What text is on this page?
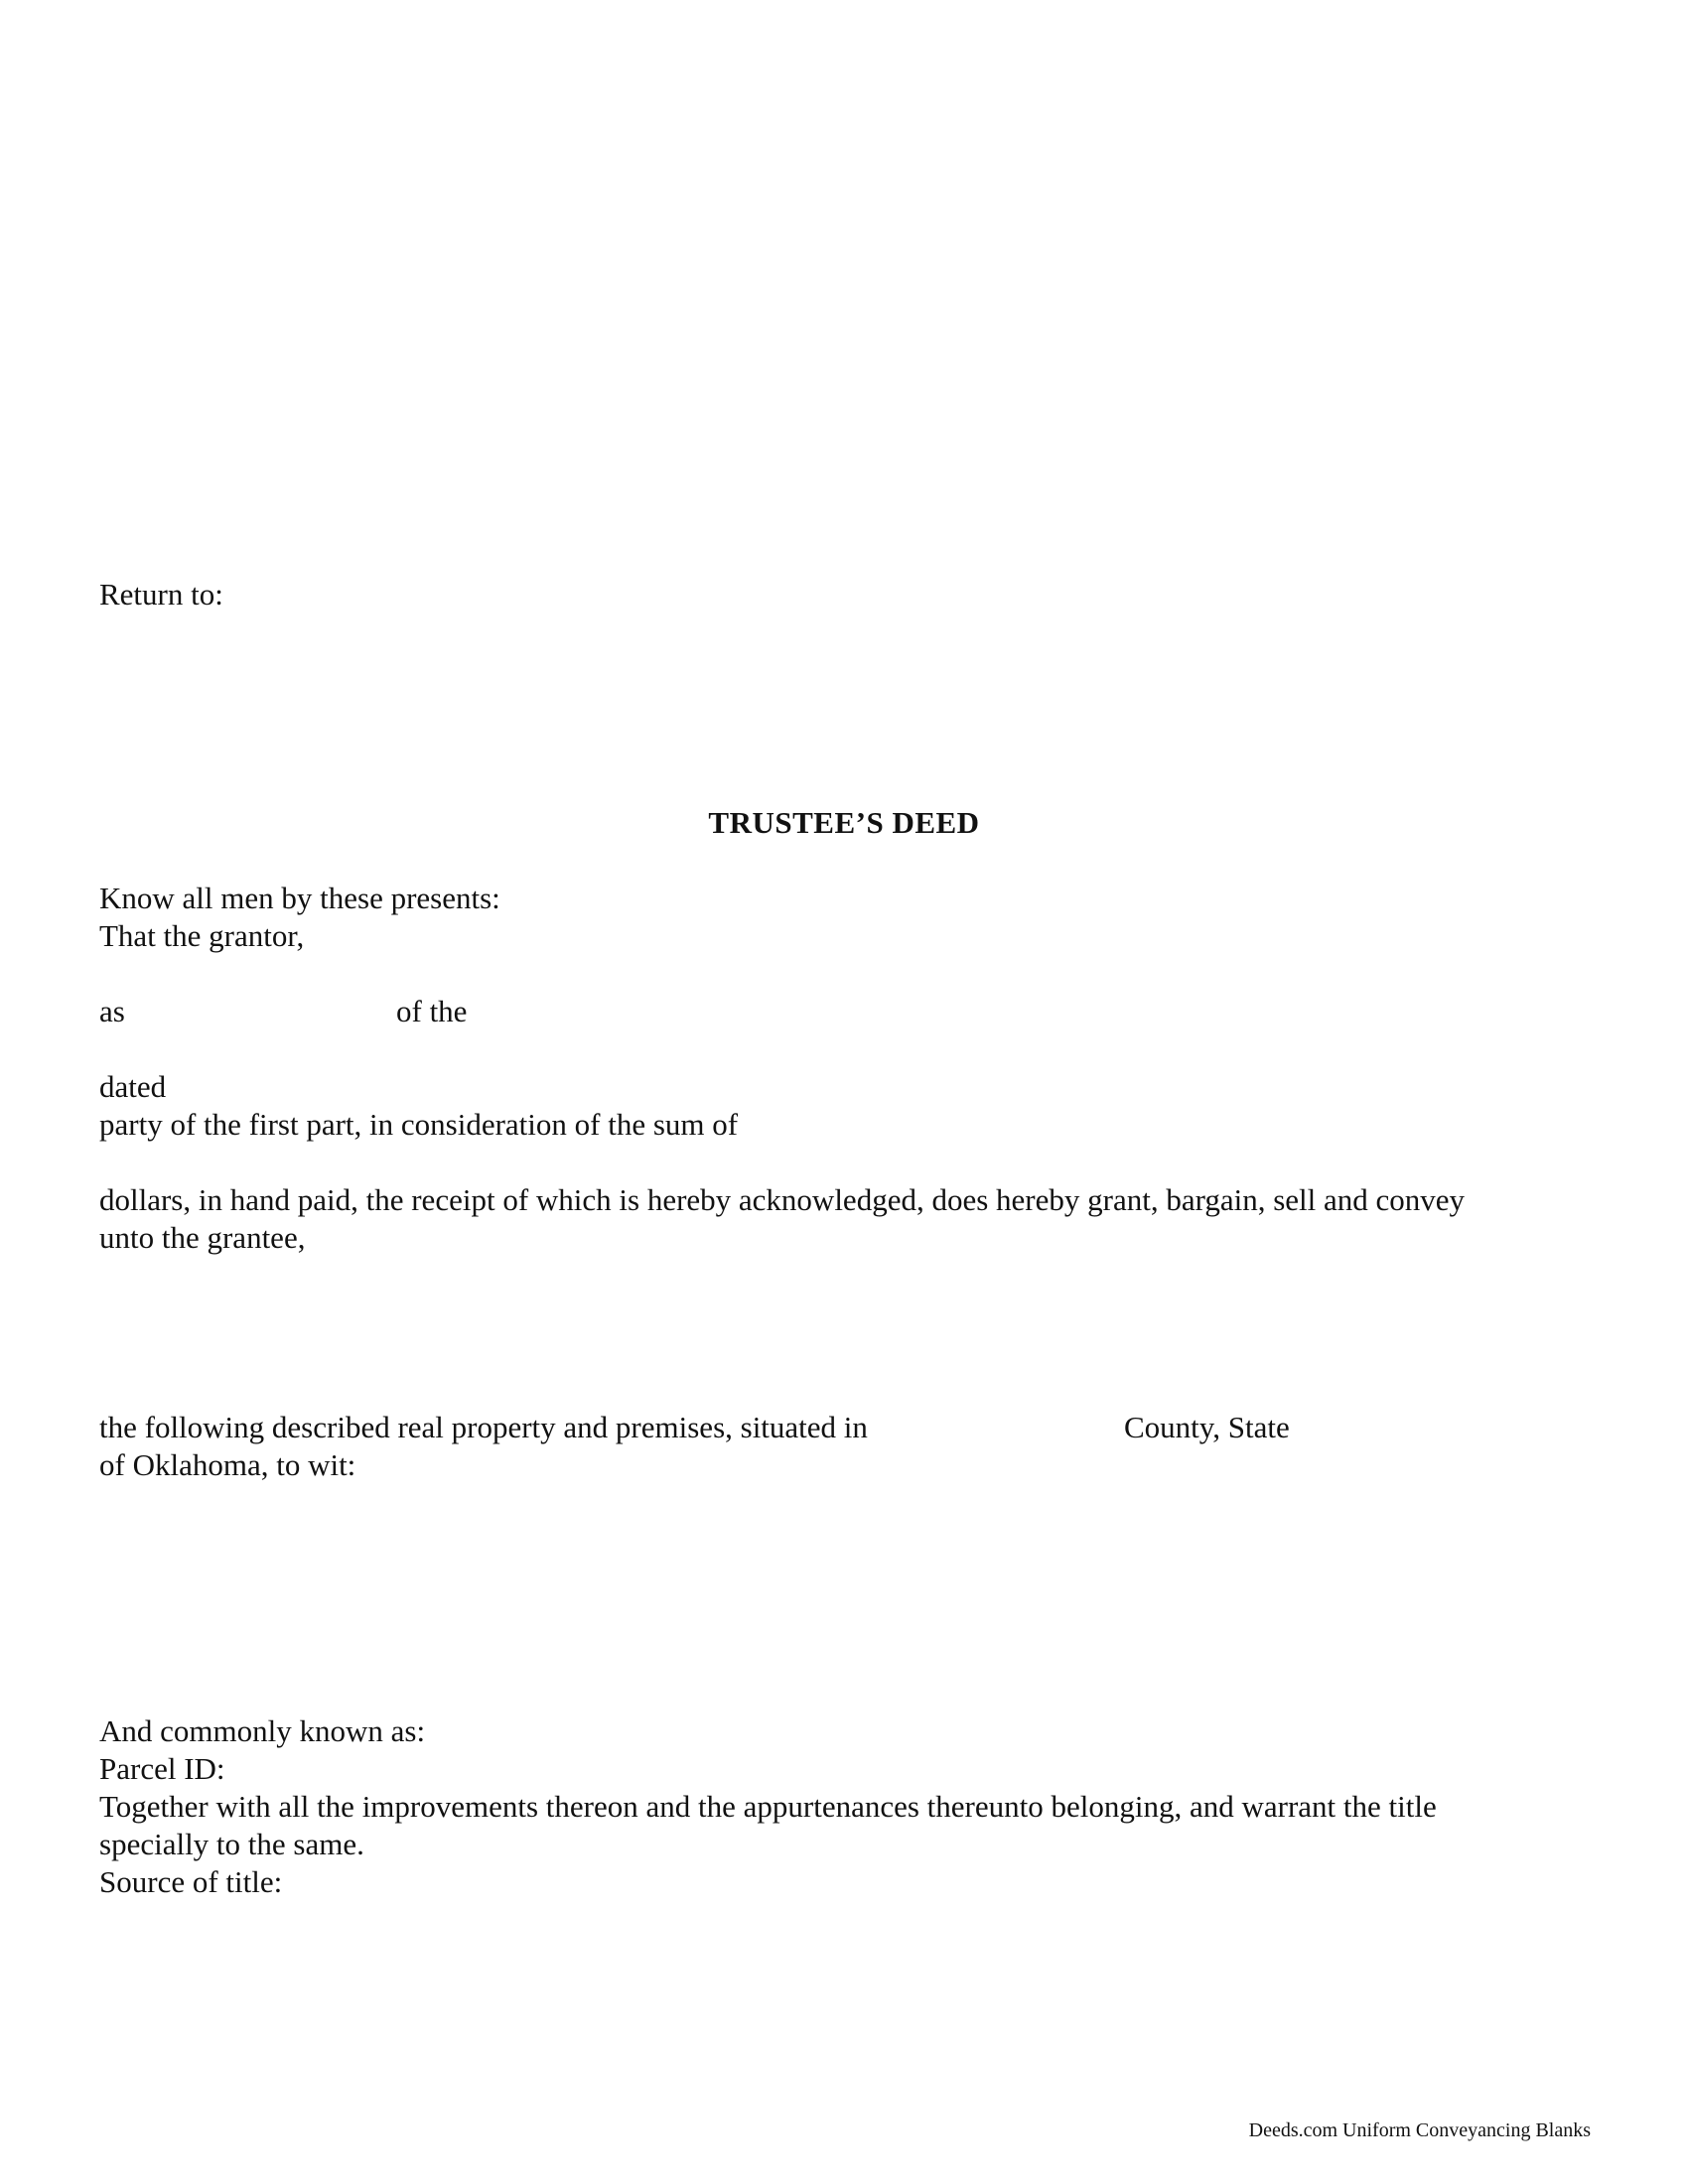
Return to:

TRUSTEE’S DEED

Know all men by these presents:

That the grantor,

as	of the

dated

party of the first part, in consideration of the sum of

dollars, in hand paid, the receipt of which is hereby acknowledged, does hereby grant, bargain, sell and convey

unto the grantee,

the following described real property and premises, situated in	County, State

of Oklahoma, to wit:

And commonly known as:

Parcel ID:

Together with all the improvements thereon and the appurtenances thereunto belonging, and warrant the title

specially to the same.

Source of title:

Deeds.com Uniform Conveyancing Blanks
